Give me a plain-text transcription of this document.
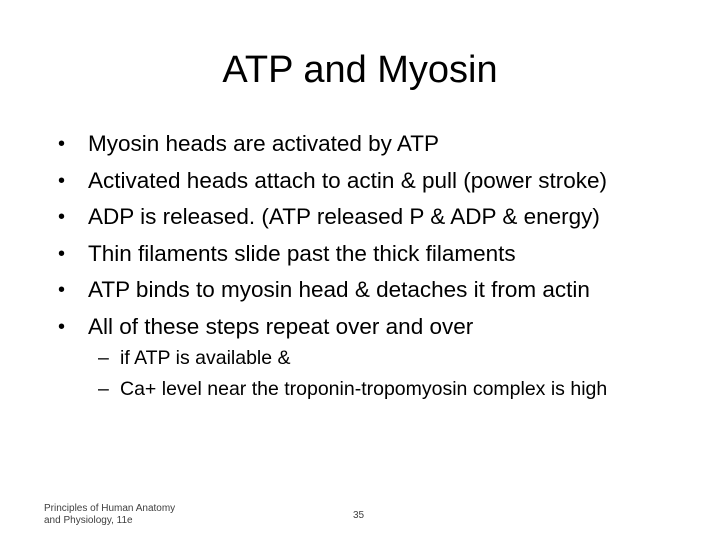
ATP and Myosin
• Myosin heads are activated by ATP
• Activated heads attach to actin & pull (power stroke)
• ADP is released. (ATP released P & ADP & energy)
• Thin filaments slide past the thick filaments
• ATP binds to myosin head & detaches it from actin
• All of these steps repeat over and over
– if ATP is available &
– Ca+ level near the troponin-tropomyosin complex is high
Principles of Human Anatomy
and Physiology, 11e	35
